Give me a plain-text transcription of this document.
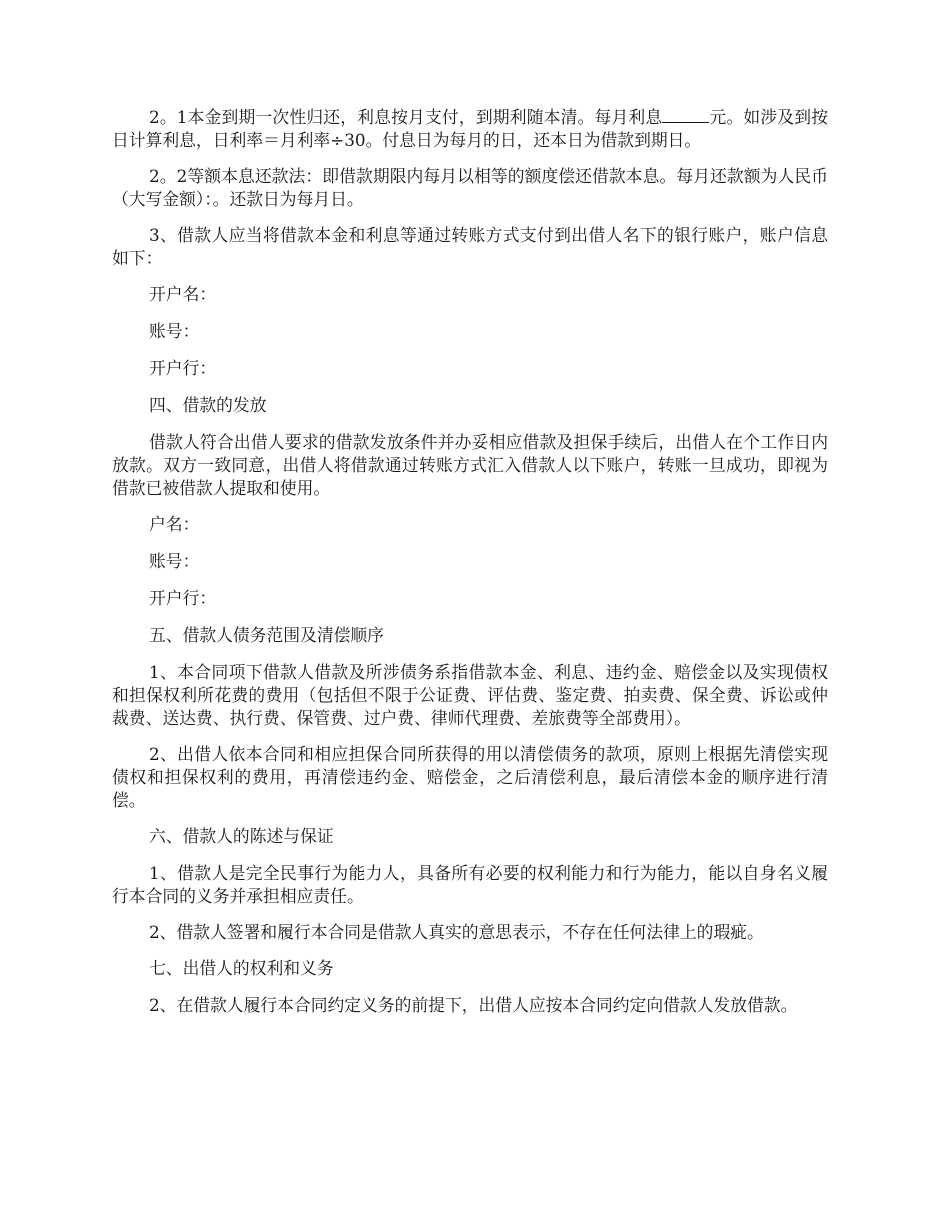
2。1本金到期一次性归还，利息按月支付，到期利随本清。每月利息	元。如涉及到按日计算利息，日利率＝月利率÷30。付息日为每月的日，还本日为借款到期日。

2。2等额本息还款法：即借款期限内每月以相等的额度偿还借款本息。每月还款额为人民币（大写金额）：。还款日为每月日。

3、借款人应当将借款本金和利息等通过转账方式支付到出借人名下的银行账户，账户信息如下：

开户名：

账号：

开户行：

四、借款的发放

借款人符合出借人要求的借款发放条件并办妥相应借款及担保手续后，出借人在个工作日内放款。双方一致同意，出借人将借款通过转账方式汇入借款人以下账户，转账一旦成功，即视为借款已被借款人提取和使用。

户名：

账号：

开户行：

五、借款人债务范围及清偿顺序

1、本合同项下借款人借款及所涉债务系指借款本金、利息、违约金、赔偿金以及实现债权和担保权利所花费的费用（包括但不限于公证费、评估费、鉴定费、拍卖费、保全费、诉讼或仲裁费、送达费、执行费、保管费、过户费、律师代理费、差旅费等全部费用）。

2、出借人依本合同和相应担保合同所获得的用以清偿债务的款项，原则上根据先清偿实现债权和担保权利的费用，再清偿违约金、赔偿金，之后清偿利息，最后清偿本金的顺序进行清偿。

六、借款人的陈述与保证

1、借款人是完全民事行为能力人，具备所有必要的权利能力和行为能力，能以自身名义履行本合同的义务并承担相应责任。

2、借款人签署和履行本合同是借款人真实的意思表示，不存在任何法律上的瑕疵。

七、出借人的权利和义务

2、在借款人履行本合同约定义务的前提下，出借人应按本合同约定向借款人发放借款。
